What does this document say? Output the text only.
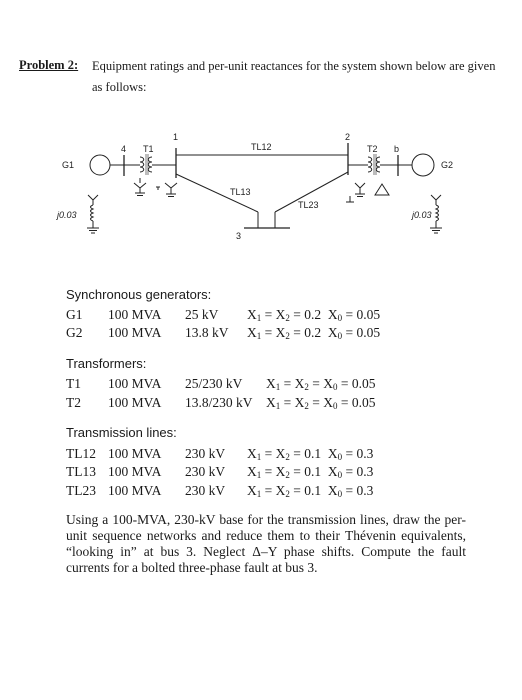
Problem 2: Equipment ratings and per-unit reactances for the system shown below are given
as follows:
G1	G2
1	2
3
4	b
T1	T2
TL12
TL13
TL23
j0.03	j0.03
Synchronous generators:
G1 100 MVA 25 kV $X_1 = X_2 = 0.2$ $X_0 = 0.05$
G2 100 MVA 13.8 kV $X_1 = X_2 = 0.2$ $X_0 = 0.05$
Transformers:
T1 100 MVA 25/230 kV $X_1 = X_2 = X_0 = 0.05$
T2 100 MVA 13.8/230 kV $X_1 = X_2 = X_0 = 0.05$
Transmission lines:
TL12 100 MVA 230 kV $X_1 = X_2 = 0.1$ $X_0 = 0.3$
TL13 100 MVA 230 kV $X_1 = X_2 = 0.1$ $X_0 = 0.3$
TL23 100 MVA 230 kV $X_1 = X_2 = 0.1$ $X_0 = 0.3$
Using a 100-MVA, 230-kV base for the transmission lines, draw the per-unit sequence networks and reduce them to their Thévenin equivalents, “looking in” at bus 3. Neglect Δ–Y phase shifts. Compute the fault currents for a bolted three-phase fault at bus 3.
